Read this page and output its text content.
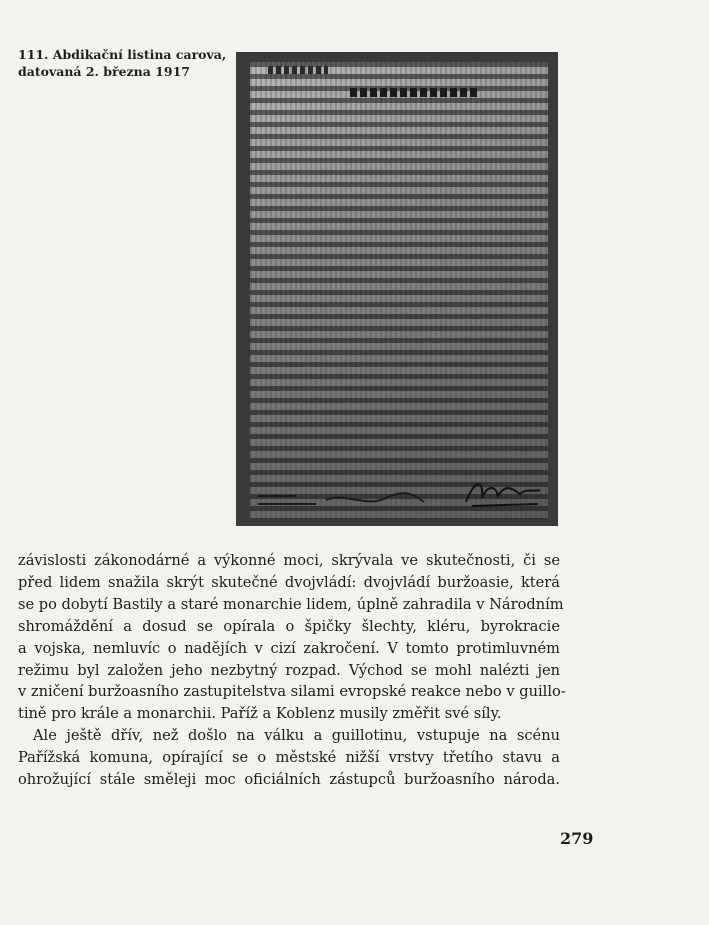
111. Abdikační listina carova,
datovaná 2. března 1917

závislosti zákonodárné a výkonné moci, skrývala ve skutečnosti, či se
před lidem snažila skrýt skutečné dvojvládí: dvojvládí buržoasie, která
se po dobytí Bastily a staré monarchie lidem, úplně zahradila v Národním
shromáždění a dosud se opírala o špičky šlechty, kléru, byrokracie
a vojska, nemluvíc o nadějích v cizí zakročení. V tomto protimluvném
režimu byl založen jeho nezbytný rozpad. Východ se mohl nalézti jen
v zničení buržoasního zastupitelstva silami evropské reakce nebo v guillo-
tině pro krále a monarchii. Paříž a Koblenz musily změřit své síly.
Ale ještě dřív, než došlo na válku a guillotinu, vstupuje na scénu
Pařížská komuna, opírající se o městské nižší vrstvy třetího stavu a
ohrožující stále směleji moc oficiálních zástupců buržoasního národa.

279
